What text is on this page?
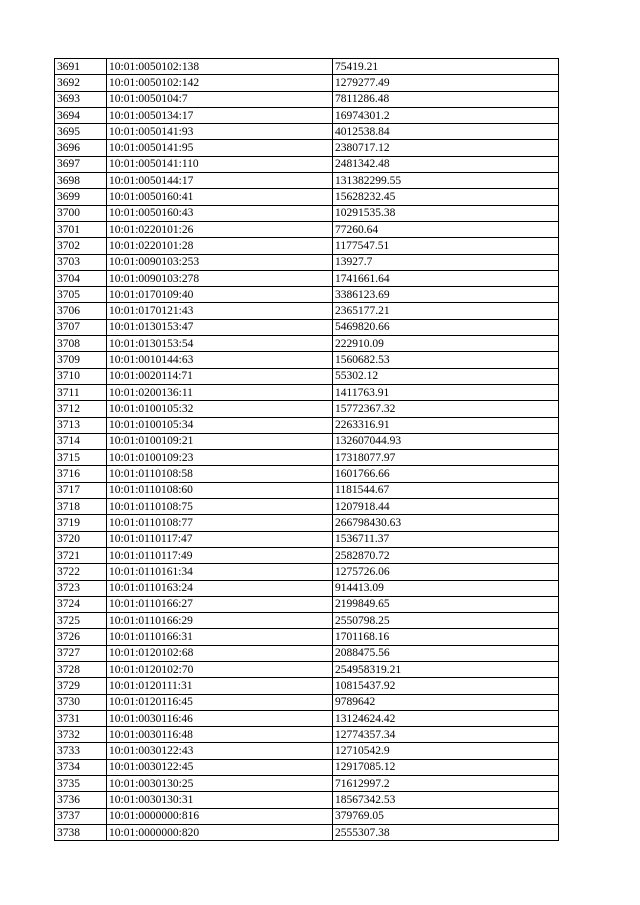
3691	10:01:0050102:138	75419.21
3692	10:01:0050102:142	1279277.49
3693	10:01:0050104:7	7811286.48
3694	10:01:0050134:17	16974301.2
3695	10:01:0050141:93	4012538.84
3696	10:01:0050141:95	2380717.12
3697	10:01:0050141:110	2481342.48
3698	10:01:0050144:17	131382299.55
3699	10:01:0050160:41	15628232.45
3700	10:01:0050160:43	10291535.38
3701	10:01:0220101:26	77260.64
3702	10:01:0220101:28	1177547.51
3703	10:01:0090103:253	13927.7
3704	10:01:0090103:278	1741661.64
3705	10:01:0170109:40	3386123.69
3706	10:01:0170121:43	2365177.21
3707	10:01:0130153:47	5469820.66
3708	10:01:0130153:54	222910.09
3709	10:01:0010144:63	1560682.53
3710	10:01:0020114:71	55302.12
3711	10:01:0200136:11	1411763.91
3712	10:01:0100105:32	15772367.32
3713	10:01:0100105:34	2263316.91
3714	10:01:0100109:21	132607044.93
3715	10:01:0100109:23	17318077.97
3716	10:01:0110108:58	1601766.66
3717	10:01:0110108:60	1181544.67
3718	10:01:0110108:75	1207918.44
3719	10:01:0110108:77	266798430.63
3720	10:01:0110117:47	1536711.37
3721	10:01:0110117:49	2582870.72
3722	10:01:0110161:34	1275726.06
3723	10:01:0110163:24	914413.09
3724	10:01:0110166:27	2199849.65
3725	10:01:0110166:29	2550798.25
3726	10:01:0110166:31	1701168.16
3727	10:01:0120102:68	2088475.56
3728	10:01:0120102:70	254958319.21
3729	10:01:0120111:31	10815437.92
3730	10:01:0120116:45	9789642
3731	10:01:0030116:46	13124624.42
3732	10:01:0030116:48	12774357.34
3733	10:01:0030122:43	12710542.9
3734	10:01:0030122:45	12917085.12
3735	10:01:0030130:25	71612997.2
3736	10:01:0030130:31	18567342.53
3737	10:01:0000000:816	379769.05
3738	10:01:0000000:820	2555307.38
